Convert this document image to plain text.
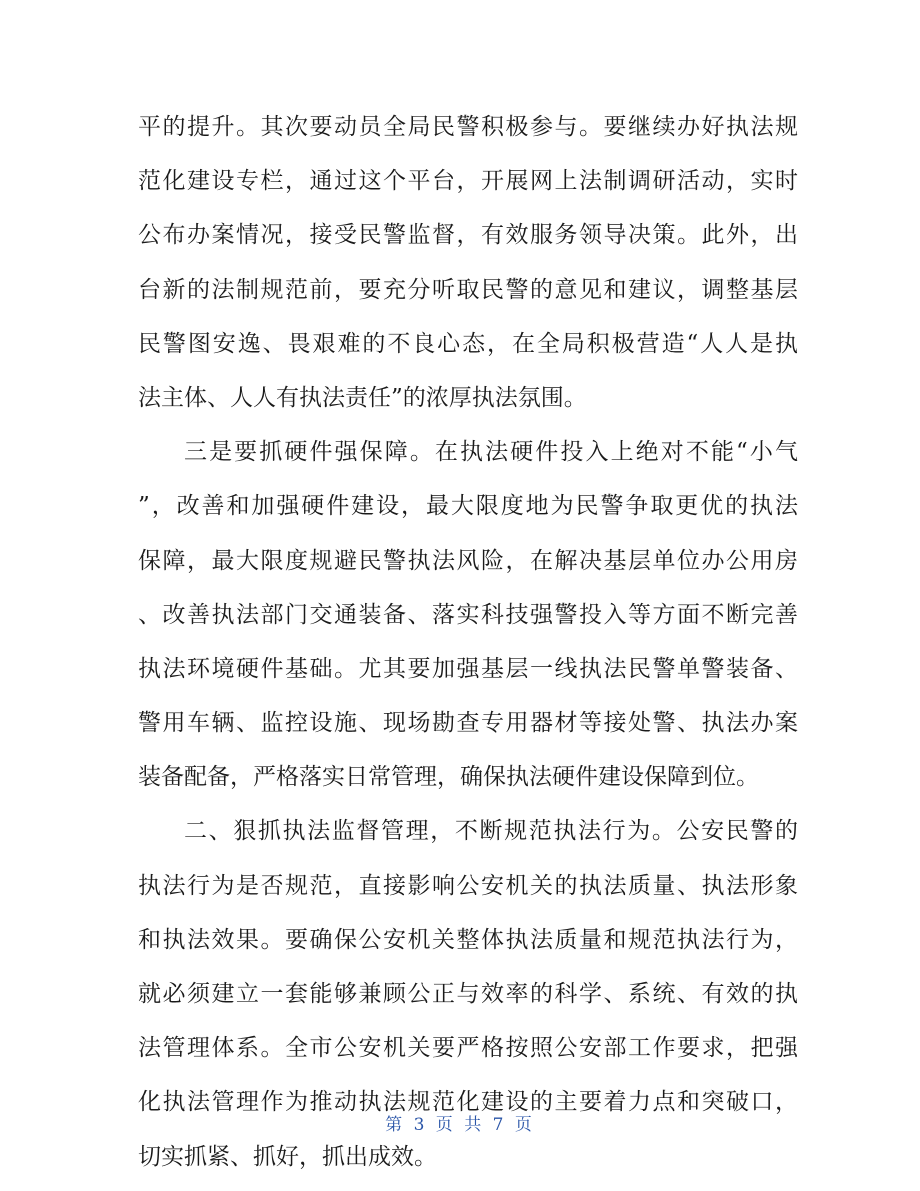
平的提升。其次要动员全局民警积极参与。要继续办好执法规
范化建设专栏，通过这个平台，开展网上法制调研活动，实时
公布办案情况，接受民警监督，有效服务领导决策。此外，出
台新的法制规范前，要充分听取民警的意见和建议，调整基层
民警图安逸、畏艰难的不良心态，在全局积极营造“人人是执
法主体、人人有执法责任”的浓厚执法氛围。
三是要抓硬件强保障。在执法硬件投入上绝对不能“小气
”，改善和加强硬件建设，最大限度地为民警争取更优的执法
保障，最大限度规避民警执法风险，在解决基层单位办公用房
、改善执法部门交通装备、落实科技强警投入等方面不断完善
执法环境硬件基础。尤其要加强基层一线执法民警单警装备、
警用车辆、监控设施、现场勘查专用器材等接处警、执法办案
装备配备，严格落实日常管理，确保执法硬件建设保障到位。
二、狠抓执法监督管理，不断规范执法行为。公安民警的
执法行为是否规范，直接影响公安机关的执法质量、执法形象
和执法效果。要确保公安机关整体执法质量和规范执法行为，
就必须建立一套能够兼顾公正与效率的科学、系统、有效的执
法管理体系。全市公安机关要严格按照公安部工作要求，把强
化执法管理作为推动执法规范化建设的主要着力点和突破口，
切实抓紧、抓好，抓出成效。
第 3 页 共 7 页
